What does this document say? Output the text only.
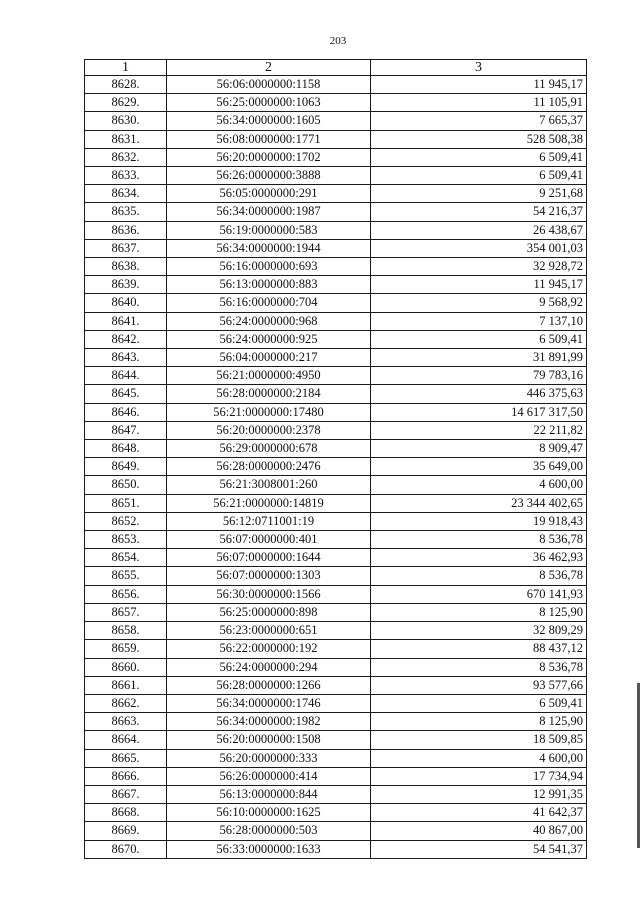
203
1	2	3
8628.	56:06:0000000:1158	11 945,17
8629.	56:25:0000000:1063	11 105,91
8630.	56:34:0000000:1605	7 665,37
8631.	56:08:0000000:1771	528 508,38
8632.	56:20:0000000:1702	6 509,41
8633.	56:26:0000000:3888	6 509,41
8634.	56:05:0000000:291	9 251,68
8635.	56:34:0000000:1987	54 216,37
8636.	56:19:0000000:583	26 438,67
8637.	56:34:0000000:1944	354 001,03
8638.	56:16:0000000:693	32 928,72
8639.	56:13:0000000:883	11 945,17
8640.	56:16:0000000:704	9 568,92
8641.	56:24:0000000:968	7 137,10
8642.	56:24:0000000:925	6 509,41
8643.	56:04:0000000:217	31 891,99
8644.	56:21:0000000:4950	79 783,16
8645.	56:28:0000000:2184	446 375,63
8646.	56:21:0000000:17480	14 617 317,50
8647.	56:20:0000000:2378	22 211,82
8648.	56:29:0000000:678	8 909,47
8649.	56:28:0000000:2476	35 649,00
8650.	56:21:3008001:260	4 600,00
8651.	56:21:0000000:14819	23 344 402,65
8652.	56:12:0711001:19	19 918,43
8653.	56:07:0000000:401	8 536,78
8654.	56:07:0000000:1644	36 462,93
8655.	56:07:0000000:1303	8 536,78
8656.	56:30:0000000:1566	670 141,93
8657.	56:25:0000000:898	8 125,90
8658.	56:23:0000000:651	32 809,29
8659.	56:22:0000000:192	88 437,12
8660.	56:24:0000000:294	8 536,78
8661.	56:28:0000000:1266	93 577,66
8662.	56:34:0000000:1746	6 509,41
8663.	56:34:0000000:1982	8 125,90
8664.	56:20:0000000:1508	18 509,85
8665.	56:20:0000000:333	4 600,00
8666.	56:26:0000000:414	17 734,94
8667.	56:13:0000000:844	12 991,35
8668.	56:10:0000000:1625	41 642,37
8669.	56:28:0000000:503	40 867,00
8670.	56:33:0000000:1633	54 541,37
